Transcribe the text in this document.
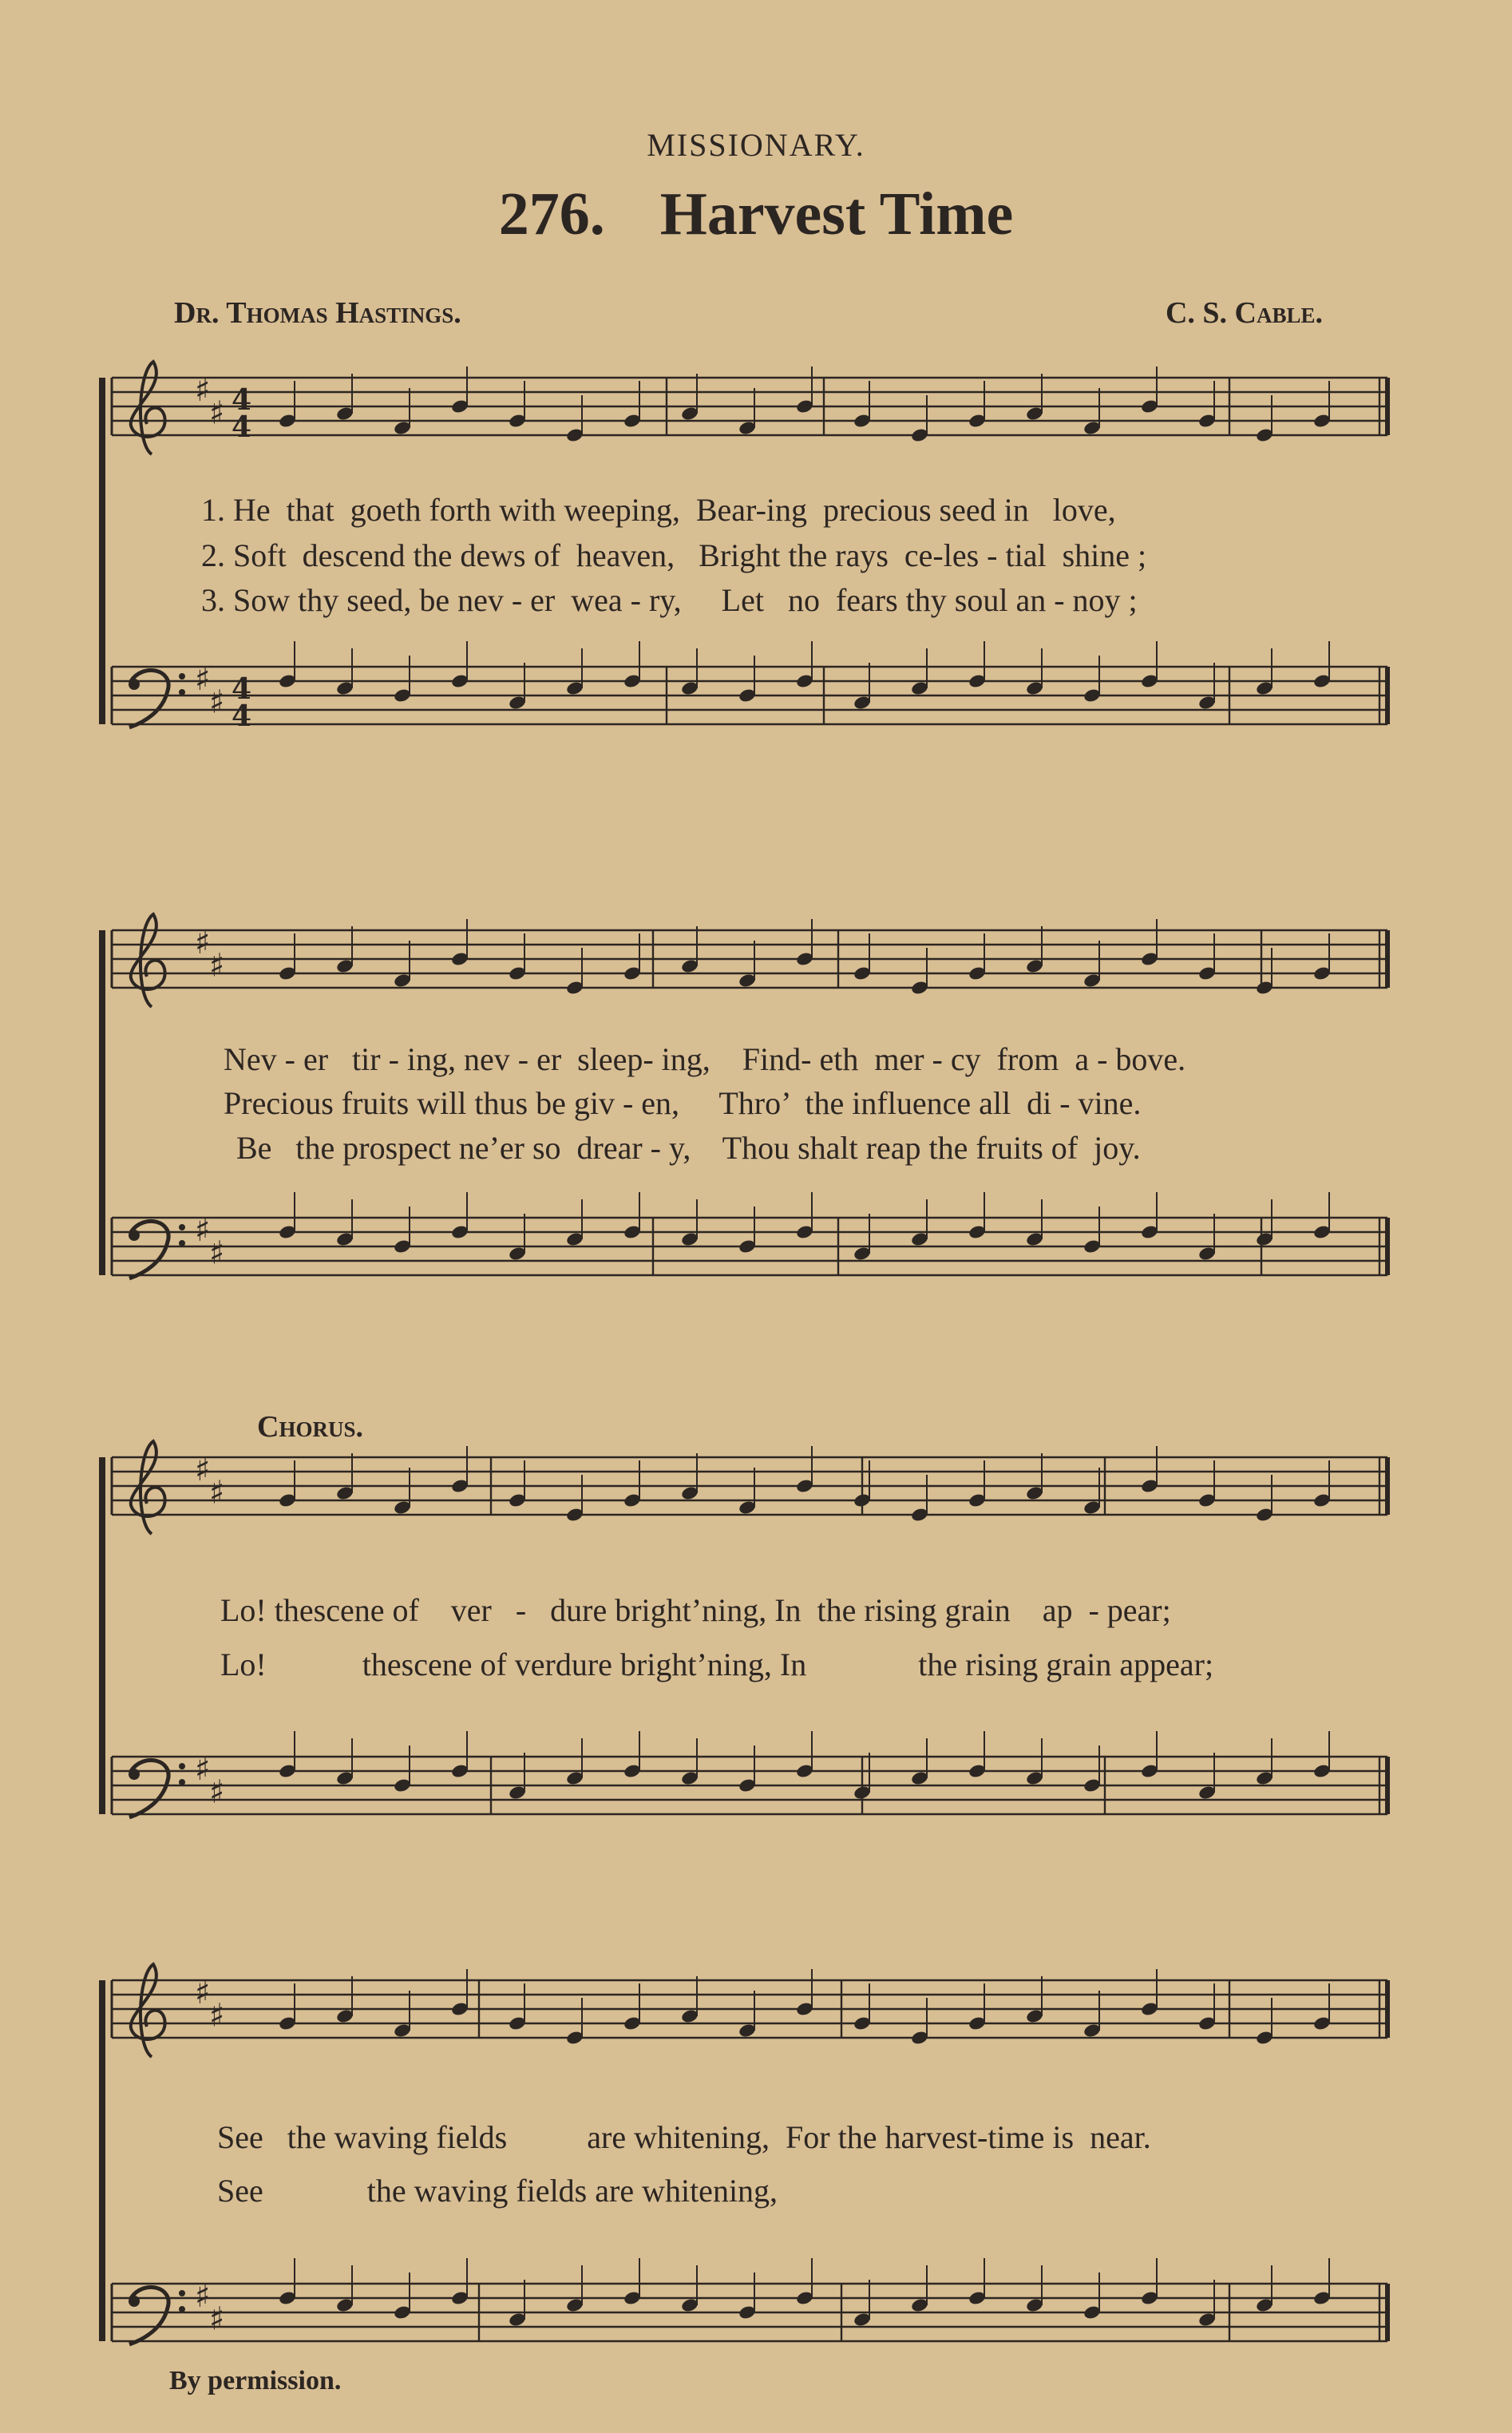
MISSIONARY.
276. Harvest Time
Dr. Thomas Hastings.	C. S. Cable.
♯
♯
♯
♯
4
4
4
4
♯
♯
♯
♯
♯
♯
♯
♯
♯
♯
♯
♯
1. He  that  goeth forth with weeping,  Bear-ing  precious seed in   love,
2. Soft  descend the dews of  heaven,   Bright the rays  ce-les - tial  shine ;
3. Sow thy seed, be nev - er  wea - ry,     Let   no  fears thy soul an - noy ;
Nev - er   tir - ing, nev - er  sleep- ing,    Find- eth  mer - cy  from  a - bove.
Precious fruits will thus be giv - en,     Thro’  the influence all  di - vine.
Be   the prospect ne’er so  drear - y,    Thou shalt reap the fruits of  joy.
Chorus.
Lo! thescene of    ver   -   dure bright’ning, In  the rising grain    ap  - pear;
Lo!            thescene of verdure bright’ning, In              the rising grain appear;
See   the waving fields          are whitening,  For the harvest-time is  near.
See             the waving fields are whitening,
By permission.
